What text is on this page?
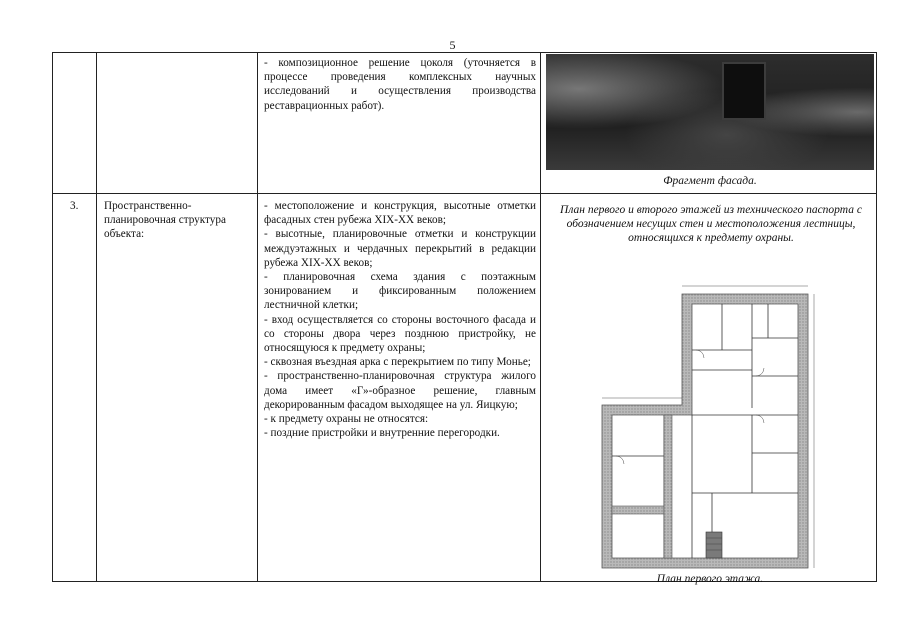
5

- композиционное решение цоколя (уточняется в процессе проведения комплексных научных исследований и осуществления производства реставрационных работ).

Фрагмент фасада.
3.	Пространственно-планировочная структура объекта:

- местоположение и конструкция, высотные отметки фасадных стен рубежа XIX-XX веков;

- высотные, планировочные отметки и конструкции междуэтажных и чердачных перекрытий в редакции рубежа XIX-XX веков;

- планировочная схема здания с поэтажным зонированием и фиксированным положением лестничной клетки;

- вход осуществляется со стороны восточного фасада и со стороны двора через позднюю пристройку, не относящуюся к предмету охраны;

- сквозная въездная арка с перекрытием по типу Монье;

- пространственно-планировочная структура жилого дома имеет «Г»-образное решение, главным декорированным фасадом выходящее на ул. Яицкую;

- к предмету охраны не относятся:

- поздние пристройки и внутренние перегородки.

План первого и второго этажей из технического паспорта с обозначением несущих стен и местоположения лестницы, относящихся к предмету охраны.
План первого этажа.
